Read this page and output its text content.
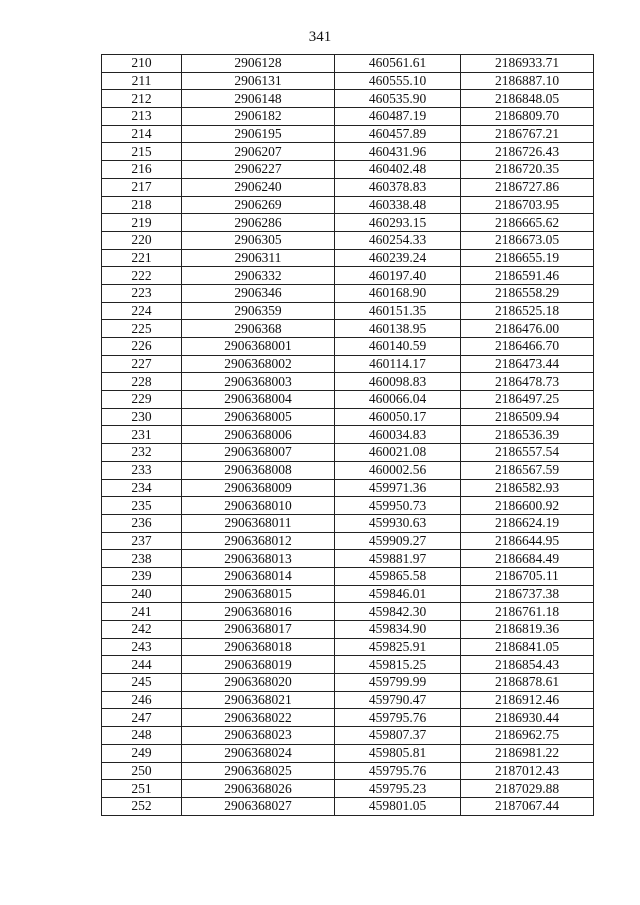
341
210	2906128	460561.61	2186933.71
211	2906131	460555.10	2186887.10
212	2906148	460535.90	2186848.05
213	2906182	460487.19	2186809.70
214	2906195	460457.89	2186767.21
215	2906207	460431.96	2186726.43
216	2906227	460402.48	2186720.35
217	2906240	460378.83	2186727.86
218	2906269	460338.48	2186703.95
219	2906286	460293.15	2186665.62
220	2906305	460254.33	2186673.05
221	2906311	460239.24	2186655.19
222	2906332	460197.40	2186591.46
223	2906346	460168.90	2186558.29
224	2906359	460151.35	2186525.18
225	2906368	460138.95	2186476.00
226	2906368001	460140.59	2186466.70
227	2906368002	460114.17	2186473.44
228	2906368003	460098.83	2186478.73
229	2906368004	460066.04	2186497.25
230	2906368005	460050.17	2186509.94
231	2906368006	460034.83	2186536.39
232	2906368007	460021.08	2186557.54
233	2906368008	460002.56	2186567.59
234	2906368009	459971.36	2186582.93
235	2906368010	459950.73	2186600.92
236	2906368011	459930.63	2186624.19
237	2906368012	459909.27	2186644.95
238	2906368013	459881.97	2186684.49
239	2906368014	459865.58	2186705.11
240	2906368015	459846.01	2186737.38
241	2906368016	459842.30	2186761.18
242	2906368017	459834.90	2186819.36
243	2906368018	459825.91	2186841.05
244	2906368019	459815.25	2186854.43
245	2906368020	459799.99	2186878.61
246	2906368021	459790.47	2186912.46
247	2906368022	459795.76	2186930.44
248	2906368023	459807.37	2186962.75
249	2906368024	459805.81	2186981.22
250	2906368025	459795.76	2187012.43
251	2906368026	459795.23	2187029.88
252	2906368027	459801.05	2187067.44
